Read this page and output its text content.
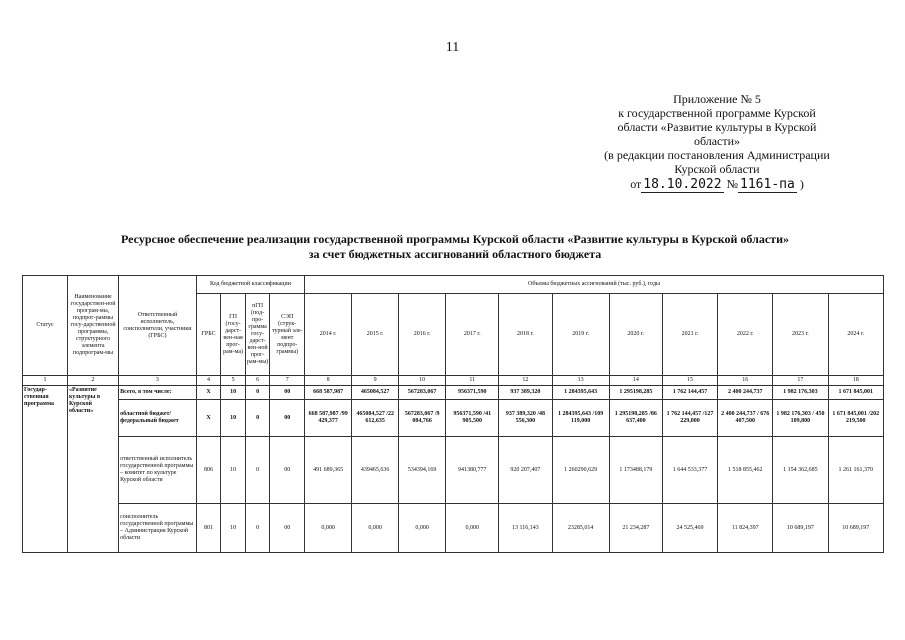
11
Приложение № 5
к государственной программе Курской
области «Развитие культуры в Курской
области»
(в редакции постановления Администрации
Курской области
от 18.10.2022 № 1161-па )
Ресурсное обеспечение реализации государственной программы Курской области «Развитие культуры в Курской области»
за счет бюджетных ассигнований областного бюджета
Статус	Наименование государствен-ной програм-мы, подпрог-раммы госу-дарственной программы, структурного элемента подпрограм-мы	Ответственный исполнитель, соисполнители, участники (ГРБС)	Код бюджетной классификации				Объемы бюджетных ассигнований (тыс. руб.), годы										
			ГРБС	ГП (госу-дарст-вен-ная прог-рам-ма)	пГП (под-про-грамма госу-дарст-вен-ной прог-рам-мы)	СЭП (струк-турный эле-мент подпро-граммы)	2014 г.	2015 г.	2016 г.	2017 г.	2018 г.	2019 г.	2020 г.	2021 г.	2022 г.	2023 г.	2024 г.
1	2	3	4	5	6	7	8	9	10	11	12	13	14	15	16	17	18
Государ-ственная программа	«Развитие культуры в Курской области»	Всего, в том числе:	X	10	0	00	668 587,987	465084,527	567283,067	956371,590	937 389,320	1 284395,643	1 295198,285	1 762 144,457	2 400 244,737	1 982 176,303	1 671 845,001
		областной бюджет/ федеральный бюджет	X	10	0	00	668 587,987 /99 429,377	465084,527 /22 612,635	567283,067 /9 084,766	956371,590 /41 905,500	937 389,320 /48 556,300	1 284395,643 /109 119,000	1 295198,285 /86 637,400	1 762 144,457 /127 229,000	2 400 244,737 / 676 407,500	1 982 176,303 / 450 109,800	1 671 845,001 /202 219,500
		ответственный исполнитель государственной программы – комитет по культуре Курской области	806	10	0	00	491 689,365	439465,636	534394,169	941380,777	920 207,407	1 260290,629	1 173488,179	1 644 533,377	1 518 855,462	1 154 362,685	1 261 161,370
		соисполнитель государственной программы – Администрация Курской области	801	10	0	00	0,000	0,000	0,000	0,000	13 116,143	23285,014	21 234,287	24 525,469	11 824,397	10 689,197	10 689,197
